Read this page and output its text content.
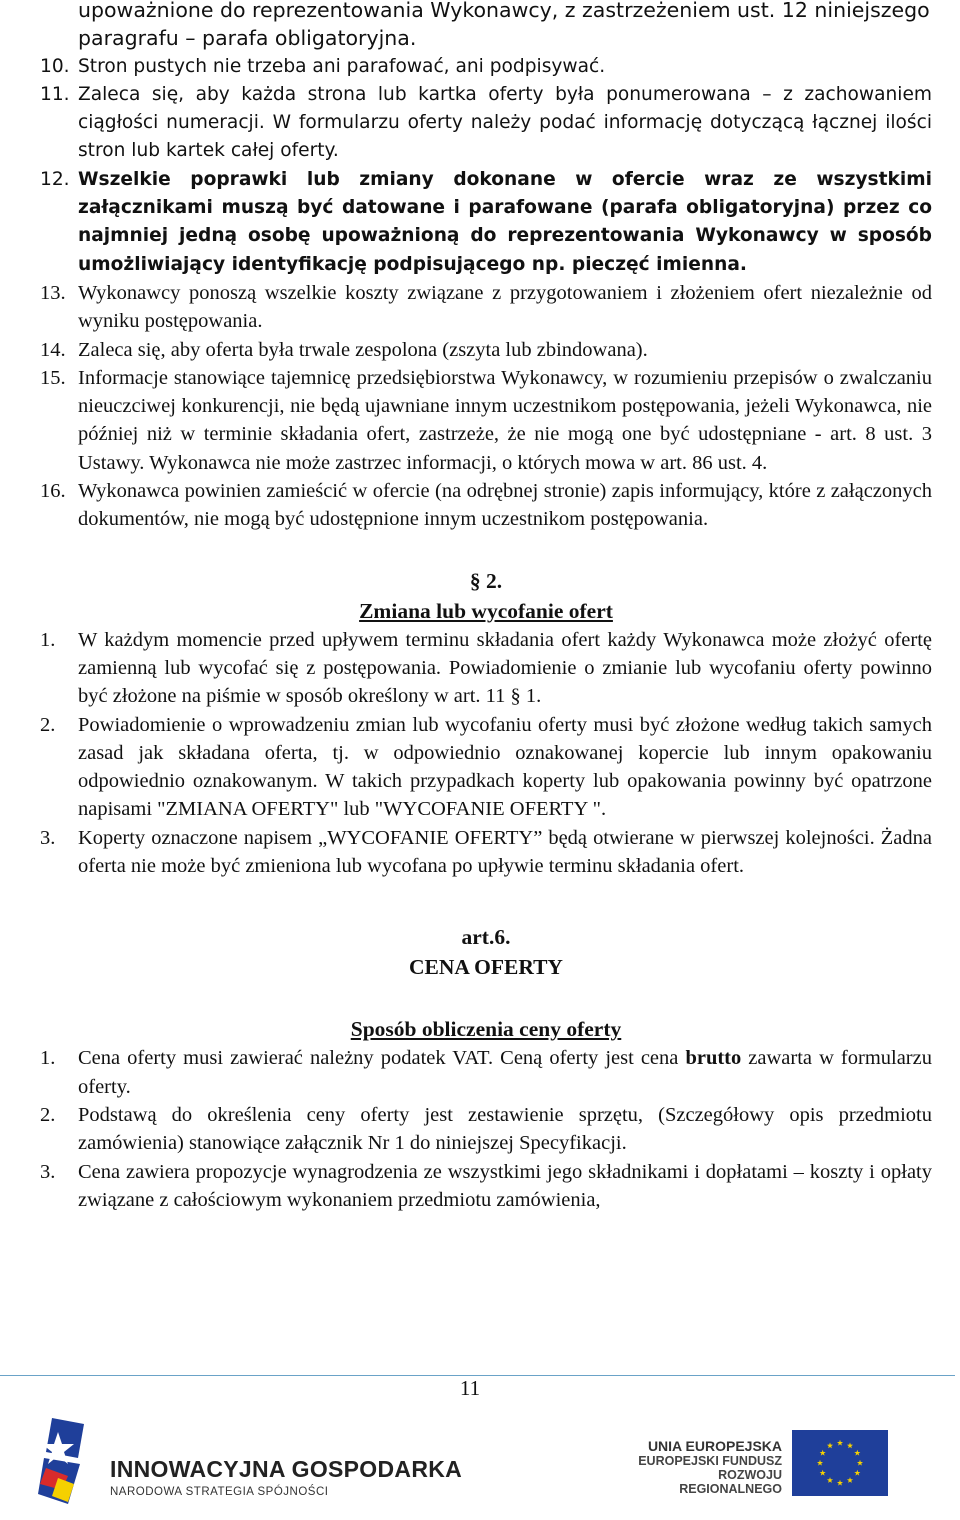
upoważnione do reprezentowania Wykonawcy, z zastrzeżeniem ust. 12 niniejszego
paragrafu – parafa obligatoryjna.
10. Stron pustych nie trzeba ani parafować, ani podpisywać.
11. Zaleca się, aby każda strona lub kartka oferty była ponumerowana – z zachowaniem ciągłości numeracji. W formularzu oferty należy podać informację dotyczącą łącznej ilości stron lub kartek całej oferty.
12. Wszelkie poprawki lub zmiany dokonane w ofercie wraz ze wszystkimi załącznikami muszą być datowane i parafowane (parafa obligatoryjna) przez co najmniej jedną osobę upoważnioną do reprezentowania Wykonawcy w sposób umożliwiający identyfikację podpisującego np. pieczęć imienna.
13. Wykonawcy ponoszą wszelkie koszty związane z przygotowaniem i złożeniem ofert niezależnie od wyniku postępowania.
14. Zaleca się, aby oferta była trwale zespolona (zszyta lub zbindowana).
15. Informacje stanowiące tajemnicę przedsiębiorstwa Wykonawcy, w rozumieniu przepisów o zwalczaniu nieuczciwej konkurencji, nie będą ujawniane innym uczestnikom postępowania, jeżeli Wykonawca, nie później niż w terminie składania ofert, zastrzeże, że nie mogą one być udostępniane - art. 8 ust. 3 Ustawy. Wykonawca nie może zastrzec informacji, o których mowa w art. 86 ust. 4.
16. Wykonawca powinien zamieścić w ofercie (na odrębnej stronie) zapis informujący, które z załączonych dokumentów, nie mogą być udostępnione innym uczestnikom postępowania.
§ 2.
Zmiana lub wycofanie ofert
1. W każdym momencie przed upływem terminu składania ofert każdy Wykonawca może złożyć ofertę zamienną lub wycofać się z postępowania. Powiadomienie o zmianie lub wycofaniu oferty powinno być złożone na piśmie w sposób określony w art. 11 § 1.
2. Powiadomienie o wprowadzeniu zmian lub wycofaniu oferty musi być złożone według takich samych zasad jak składana oferta, tj. w odpowiednio oznakowanej kopercie lub innym opakowaniu odpowiednio oznakowanym. W takich przypadkach koperty lub opakowania powinny być opatrzone napisami "ZMIANA OFERTY" lub "WYCOFANIE OFERTY ".
3. Koperty oznaczone napisem „WYCOFANIE OFERTY” będą otwierane w pierwszej kolejności. Żadna oferta nie może być zmieniona lub wycofana po upływie terminu składania ofert.
art.6.
CENA OFERTY
Sposób obliczenia ceny oferty
1. Cena oferty musi zawierać należny podatek VAT. Ceną oferty jest cena brutto zawarta w formularzu oferty.
2. Podstawą do określenia ceny oferty jest zestawienie sprzętu, (Szczegółowy opis przedmiotu zamówienia) stanowiące załącznik Nr 1 do niniejszej Specyfikacji.
3. Cena zawiera propozycje wynagrodzenia ze wszystkimi jego składnikami i dopłatami – koszty i opłaty związane z całościowym wykonaniem przedmiotu zamówienia,
11
INNOWACYJNA GOSPODARKA
NARODOWA STRATEGIA SPÓJNOŚCI
UNIA EUROPEJSKA
EUROPEJSKI FUNDUSZ
ROZWOJU REGIONALNEGO
